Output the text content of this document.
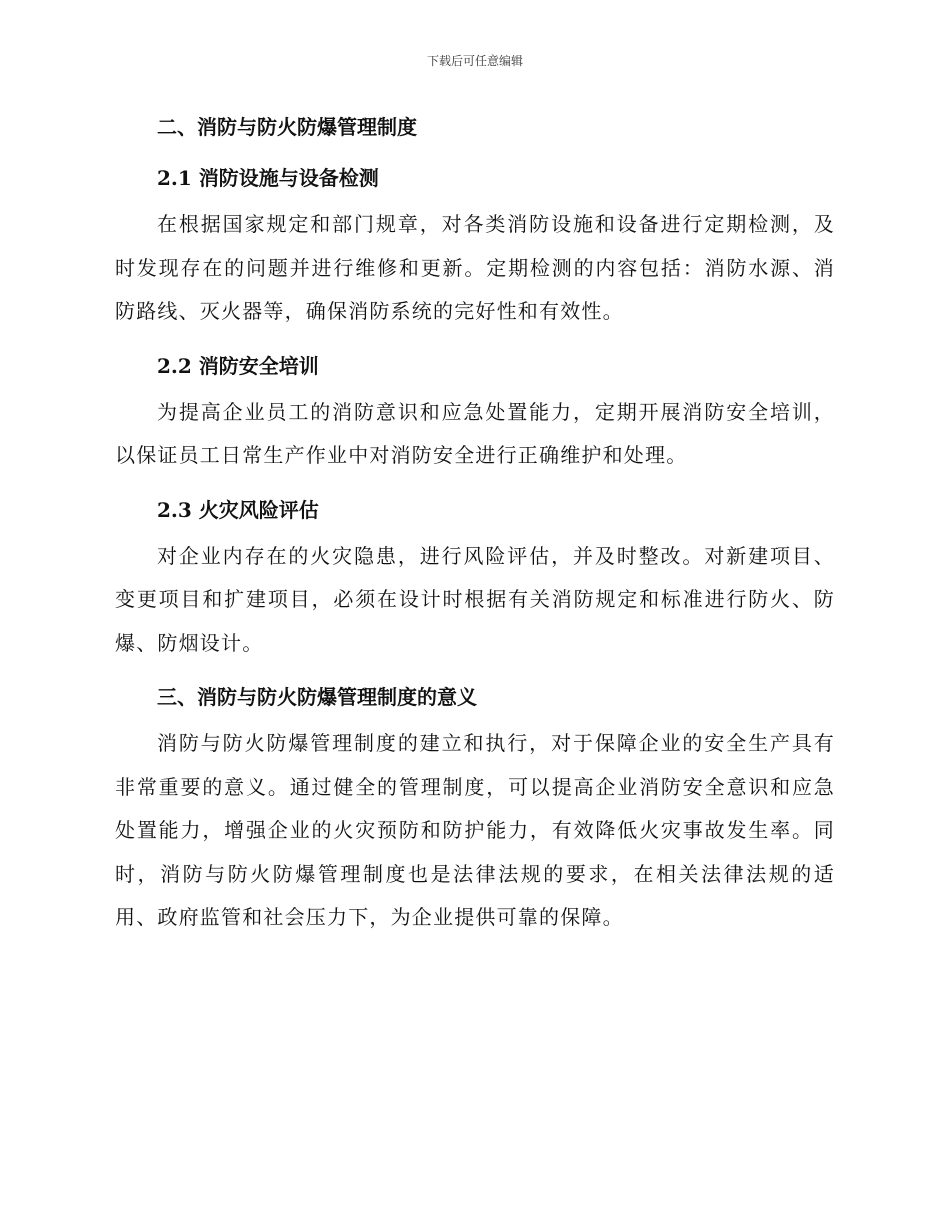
下载后可任意编辑
二、消防与防火防爆管理制度
2.1 消防设施与设备检测

在根据国家规定和部门规章，对各类消防设施和设备进行定期检测，及时发现存在的问题并进行维修和更新。定期检测的内容包括：消防水源、消防路线、灭火器等，确保消防系统的完好性和有效性。

2.2 消防安全培训

为提高企业员工的消防意识和应急处置能力，定期开展消防安全培训，以保证员工日常生产作业中对消防安全进行正确维护和处理。

2.3 火灾风险评估

对企业内存在的火灾隐患，进行风险评估，并及时整改。对新建项目、变更项目和扩建项目，必须在设计时根据有关消防规定和标准进行防火、防爆、防烟设计。

三、消防与防火防爆管理制度的意义

消防与防火防爆管理制度的建立和执行，对于保障企业的安全生产具有非常重要的意义。通过健全的管理制度，可以提高企业消防安全意识和应急处置能力，增强企业的火灾预防和防护能力，有效降低火灾事故发生率。同时，消防与防火防爆管理制度也是法律法规的要求，在相关法律法规的适用、政府监管和社会压力下，为企业提供可靠的保障。
